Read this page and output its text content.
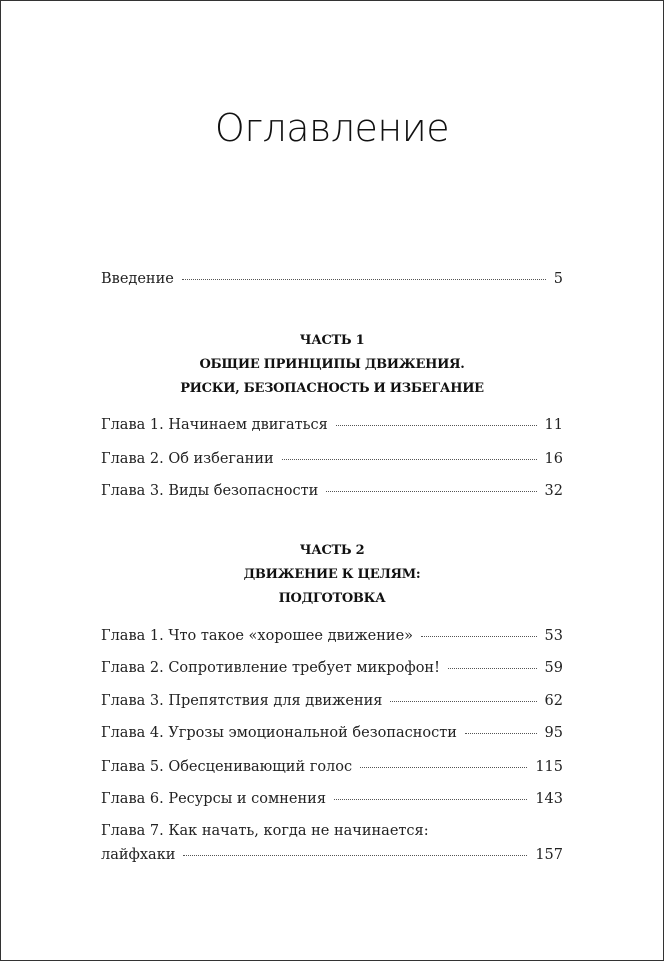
Оглавление
Введение	5
ЧАСТЬ 1
ОБЩИЕ ПРИНЦИПЫ ДВИЖЕНИЯ.
РИСКИ, БЕЗОПАСНОСТЬ И ИЗБЕГАНИЕ
Глава 1. Начинаем двигаться	11
Глава 2. Об избегании	16
Глава 3. Виды безопасности	32
ЧАСТЬ 2
ДВИЖЕНИЕ К ЦЕЛЯМ:
ПОДГОТОВКА
Глава 1. Что такое «хорошее движение»	53
Глава 2. Сопротивление требует микрофон!	59
Глава 3. Препятствия для движения	62
Глава 4. Угрозы эмоциональной безопасности	95
Глава 5. Обесценивающий голос	115
Глава 6. Ресурсы и сомнения	143
Глава 7. Как начать, когда не начинается:
лайфхаки	157
